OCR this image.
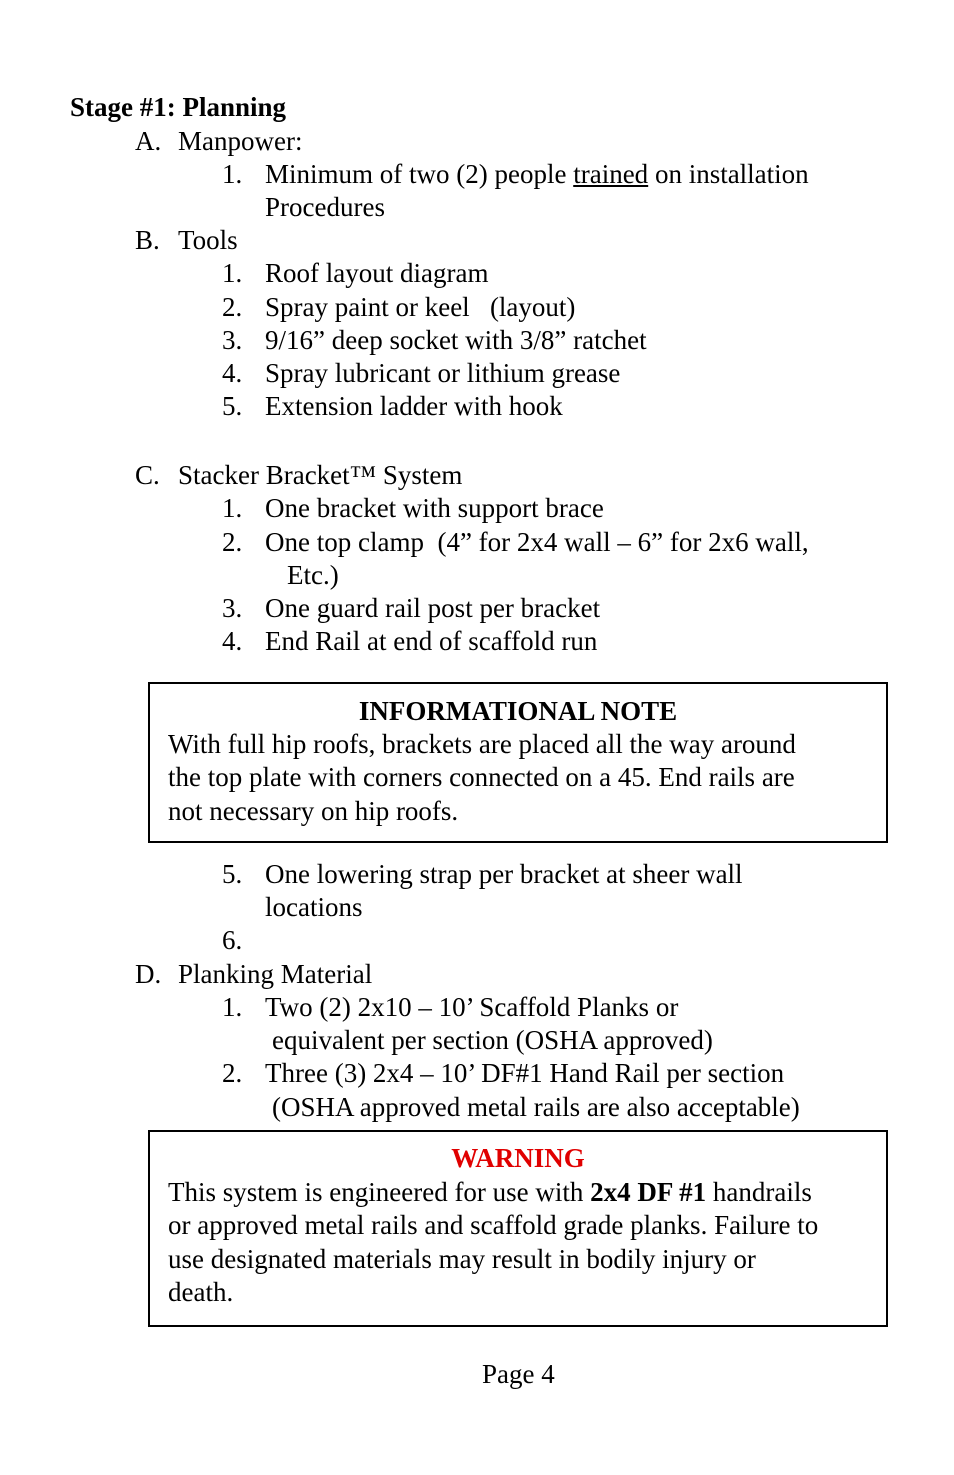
Stage #1: Planning
A. Manpower:
1. Minimum of two (2) people trained on installation
Procedures
B. Tools
1. Roof layout diagram
2. Spray paint or keel   (layout)
3. 9/16” deep socket with 3/8” ratchet
4. Spray lubricant or lithium grease
5. Extension ladder with hook
C. Stacker Bracket™ System
1. One bracket with support brace
2. One top clamp  (4” for 2x4 wall – 6” for 2x6 wall,
Etc.)
3. One guard rail post per bracket
4. End Rail at end of scaffold run
INFORMATIONAL NOTE
With full hip roofs, brackets are placed all the way around
the top plate with corners connected on a 45. End rails are
not necessary on hip roofs.
5. One lowering strap per bracket at sheer wall
locations
6.
D. Planking Material
1. Two (2) 2x10 – 10’ Scaffold Planks or
equivalent per section (OSHA approved)
2. Three (3) 2x4 – 10’ DF#1 Hand Rail per section
(OSHA approved metal rails are also acceptable)
WARNING
This system is engineered for use with 2x4 DF #1 handrails
or approved metal rails and scaffold grade planks. Failure to
use designated materials may result in bodily injury or
death.
Page 4
